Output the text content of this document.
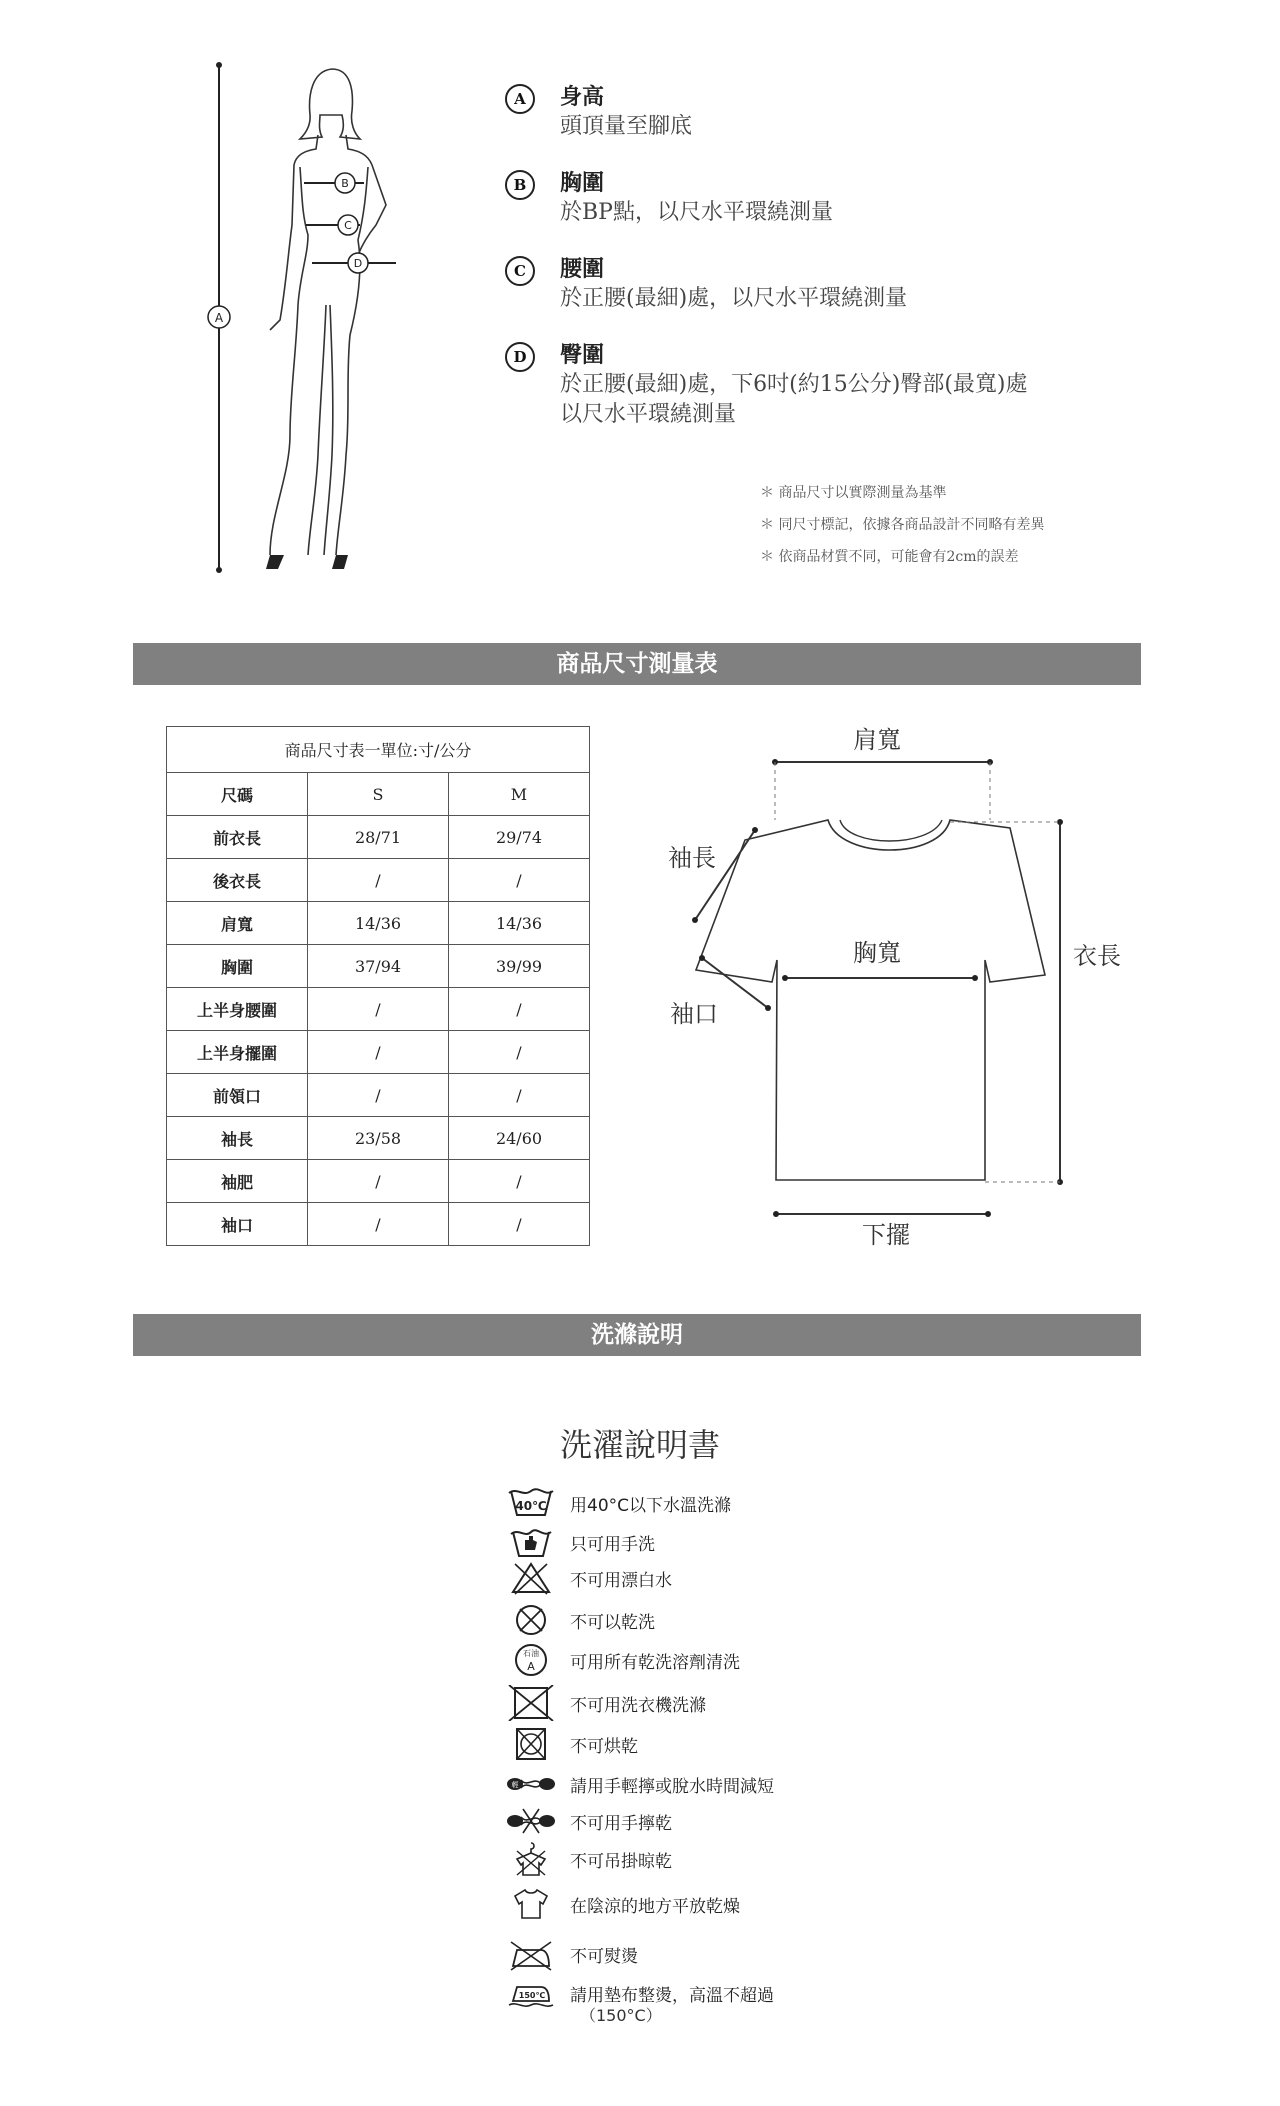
A
B
C
D
A	身高
頭頂量至腳底
B	胸圍
於BP點，以尺水平環繞測量
C	腰圍
於正腰(最細)處，以尺水平環繞測量
D	臀圍
於正腰(最細)處，下6吋(約15公分)臀部(最寬)處
以尺水平環繞測量
＊ 商品尺寸以實際測量為基準
＊ 同尺寸標記，依據各商品設計不同略有差異
＊ 依商品材質不同，可能會有2cm的誤差
商品尺寸測量表
商品尺寸表一單位:寸/公分		
尺碼	S	M
前衣長	28/71	29/74
後衣長	/	/
肩寬	14/36	14/36
胸圍	37/94	39/99
上半身腰圍	/	/
上半身擺圍	/	/
前領口	/	/
袖長	23/58	24/60
袖肥	/	/
袖口	/	/
肩寬
袖長
袖口
胸寬	衣長
下擺
洗滌說明
洗濯說明書
40℃ 用40°C以下水溫洗滌
只可用手洗
不可用漂白水
不可以乾洗
石油
A 可用所有乾洗溶劑清洗
不可用洗衣機洗滌
不可烘乾
輕	請用手輕擰或脫水時間減短
不可用手擰乾
不可吊掛晾乾
在陰涼的地方平放乾燥
不可熨燙
150℃ 請用墊布整燙，高溫不超過
（150°C）
